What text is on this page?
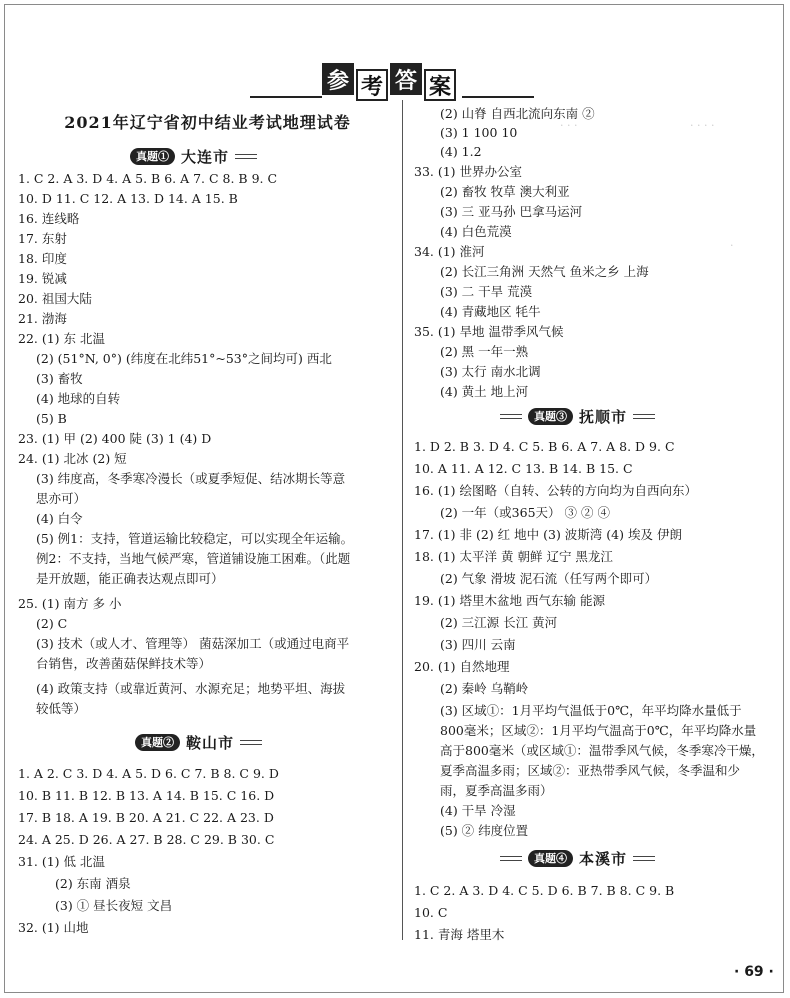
· · ·	· · · ·
·
参 考 答 案
2021年辽宁省初中结业考试地理试卷
真题① 大连市
真题② 鞍山市
真题③ 抚顺市
真题④ 本溪市
1. C 2. A 3. D 4. A 5. B 6. A 7. C 8. B 9. C
10. D 11. C 12. A 13. D 14. A 15. B
16. 连线略
17. 东射
18. 印度
19. 锐减
20. 祖国大陆
21. 渤海
22. (1) 东 北温
(2) (51°N, 0°) (纬度在北纬51°~53°之间均可) 西北
(3) 畜牧
(4) 地球的自转
(5) B
23. (1) 甲 (2) 400 陡 (3) 1 (4) D
24. (1) 北冰 (2) 短
(3) 纬度高，冬季寒冷漫长（或夏季短促、结冰期长等意
思亦可）
(4) 白令
(5) 例1：支持，管道运输比较稳定，可以实现全年运输。
例2：不支持，当地气候严寒，管道铺设施工困难。（此题
是开放题，能正确表达观点即可）
25. (1) 南方 多 小
(2) C
(3) 技术（或人才、管理等） 菌菇深加工（或通过电商平
台销售，改善菌菇保鲜技术等）
(4) 政策支持（或靠近黄河、水源充足；地势平坦、海拔
较低等）
1. A 2. C 3. D 4. A 5. D 6. C 7. B 8. C 9. D
10. B 11. B 12. B 13. A 14. B 15. C 16. D
17. B 18. A 19. B 20. A 21. C 22. A 23. D
24. A 25. D 26. A 27. B 28. C 29. B 30. C
31. (1) 低 北温
(2) 东南 酒泉
(3) ① 昼长夜短 文昌
32. (1) 山地
(2) 山脊 自西北流向东南 ②
(3) 1 100 10
(4) 1.2
33. (1) 世界办公室
(2) 畜牧 牧草 澳大利亚
(3) 三 亚马孙 巴拿马运河
(4) 白色荒漠
34. (1) 淮河
(2) 长江三角洲 天然气 鱼米之乡 上海
(3) 二 干旱 荒漠
(4) 青藏地区 牦牛
35. (1) 旱地 温带季风气候
(2) 黑 一年一熟
(3) 太行 南水北调
(4) 黄土 地上河
1. D 2. B 3. D 4. C 5. B 6. A 7. A 8. D 9. C
10. A 11. A 12. C 13. B 14. B 15. C
16. (1) 绘图略（自转、公转的方向均为自西向东）
(2) 一年（或365天） ③ ② ④
17. (1) 非 (2) 红 地中 (3) 波斯湾 (4) 埃及 伊朗
18. (1) 太平洋 黄 朝鲜 辽宁 黑龙江
(2) 气象 滑坡 泥石流（任写两个即可）
19. (1) 塔里木盆地 西气东输 能源
(2) 三江源 长江 黄河
(3) 四川 云南
20. (1) 自然地理
(2) 秦岭 乌鞘岭
(3) 区域①：1月平均气温低于0℃，年平均降水量低于
800毫米；区域②：1月平均气温高于0℃，年平均降水量
高于800毫米（或区域①：温带季风气候，冬季寒冷干燥，
夏季高温多雨；区域②：亚热带季风气候，冬季温和少
雨，夏季高温多雨）
(4) 干旱 冷湿
(5) ② 纬度位置
1. C 2. A 3. D 4. C 5. D 6. B 7. B 8. C 9. B
10. C
11. 青海 塔里木
· 69 ·
